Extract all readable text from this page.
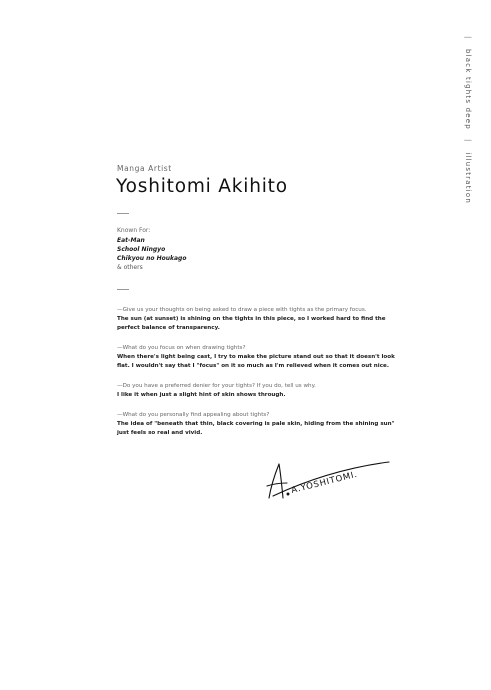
| black tights deep | illustration
Manga Artist
Yoshitomi Akihito
Known For:
Eat-Man
School Ningyo
Chikyou no Houkago
& others
—Give us your thoughts on being asked to draw a piece with tights as the primary focus.
The sun (at sunset) is shining on the tights in this piece, so I worked hard to find the perfect balance of transparency.
—What do you focus on when drawing tights?
When there's light being cast, I try to make the picture stand out so that it doesn't look flat. I wouldn't say that I "focus" on it so much as I'm relieved when it comes out nice.
—Do you have a preferred denier for your tights? If you do, tell us why.
I like it when just a slight hint of skin shows through.
—What do you personally find appealing about tights?
The idea of "beneath that thin, black covering is pale skin, hiding from the shining sun" just feels so real and vivid.
A.YOSHITOMI.
